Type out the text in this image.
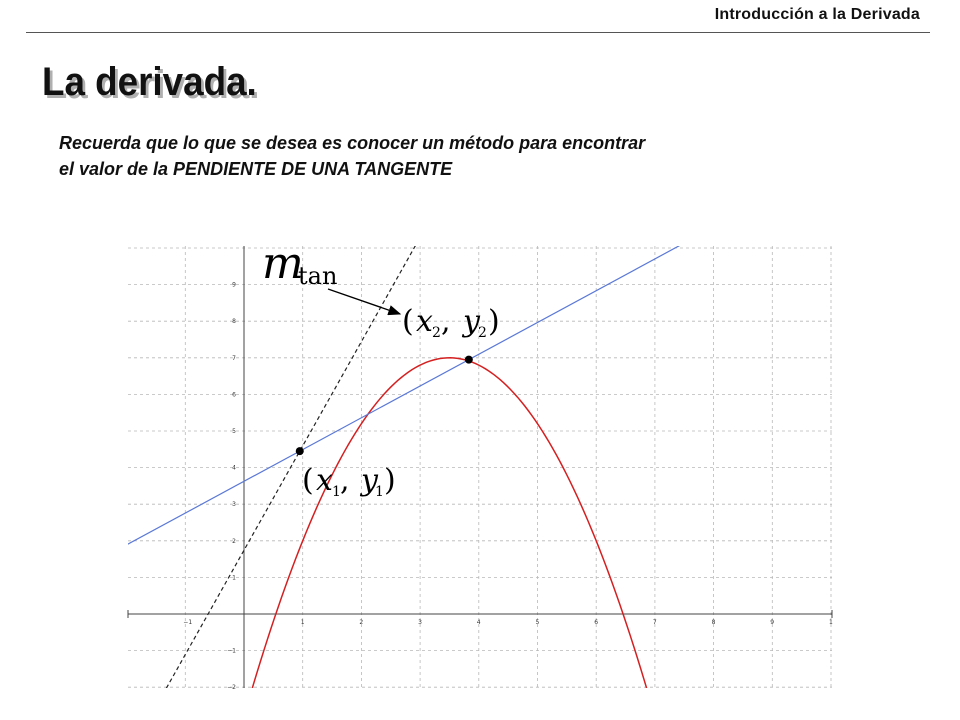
Introducción a la Derivada
La derivada.
Recuerda que lo que se desea es conocer un método para encontrar
el valor de la PENDIENTE DE UNA TANGENTE
−1	1	2	3	4	5	6	7	8	9	1
9
8
7
6
5
4
3
2
1
−1
−2
m
tan
( x 2 , y
2 )
( x 1 , y
1 )
